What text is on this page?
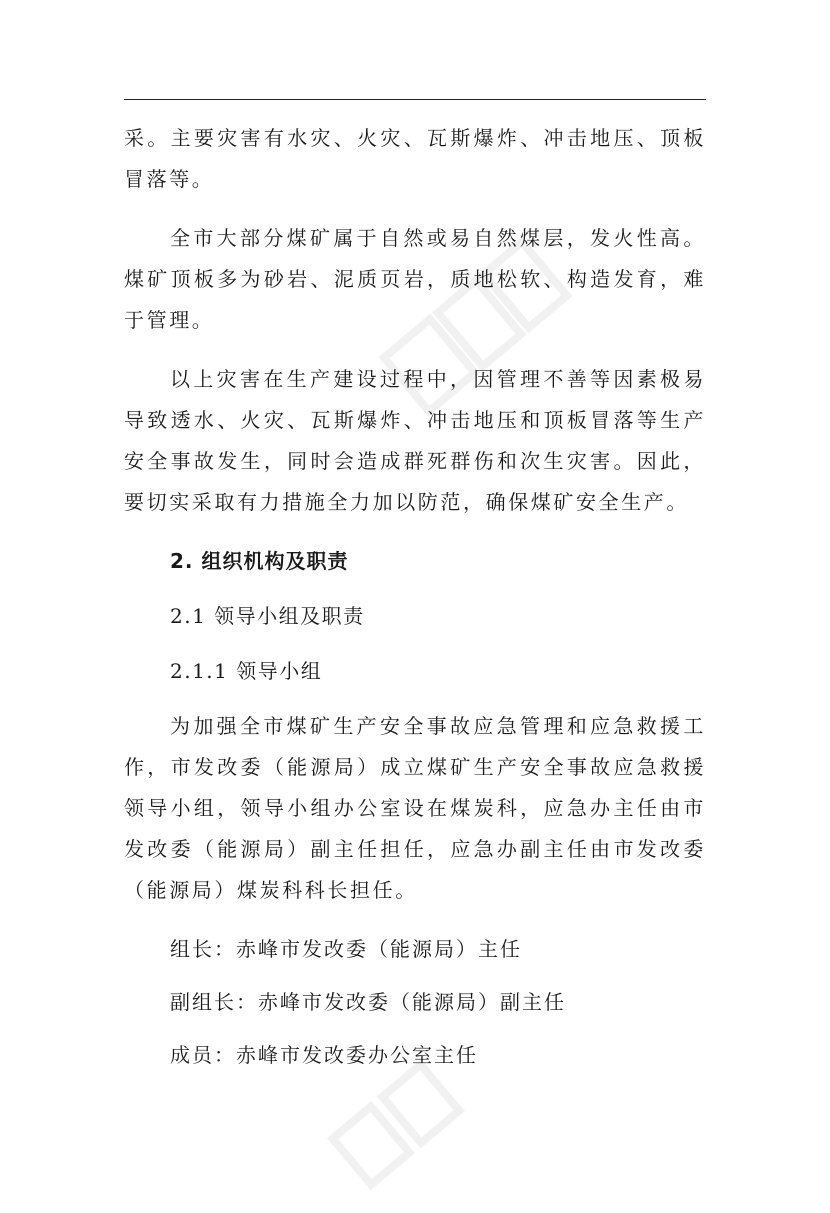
采。主要灾害有水灾、火灾、瓦斯爆炸、冲击地压、顶板冒落等。

全市大部分煤矿属于自然或易自然煤层，发火性高。煤矿顶板多为砂岩、泥质页岩，质地松软、构造发育，难于管理。

以上灾害在生产建设过程中，因管理不善等因素极易导致透水、火灾、瓦斯爆炸、冲击地压和顶板冒落等生产安全事故发生，同时会造成群死群伤和次生灾害。因此，要切实采取有力措施全力加以防范，确保煤矿安全生产。

2. 组织机构及职责
2.1 领导小组及职责
2.1.1 领导小组

为加强全市煤矿生产安全事故应急管理和应急救援工作，市发改委（能源局）成立煤矿生产安全事故应急救援领导小组，领导小组办公室设在煤炭科，应急办主任由市发改委（能源局）副主任担任，应急办副主任由市发改委（能源局）煤炭科科长担任。

组长：赤峰市发改委（能源局）主任
副组长：赤峰市发改委（能源局）副主任
成员：赤峰市发改委办公室主任
